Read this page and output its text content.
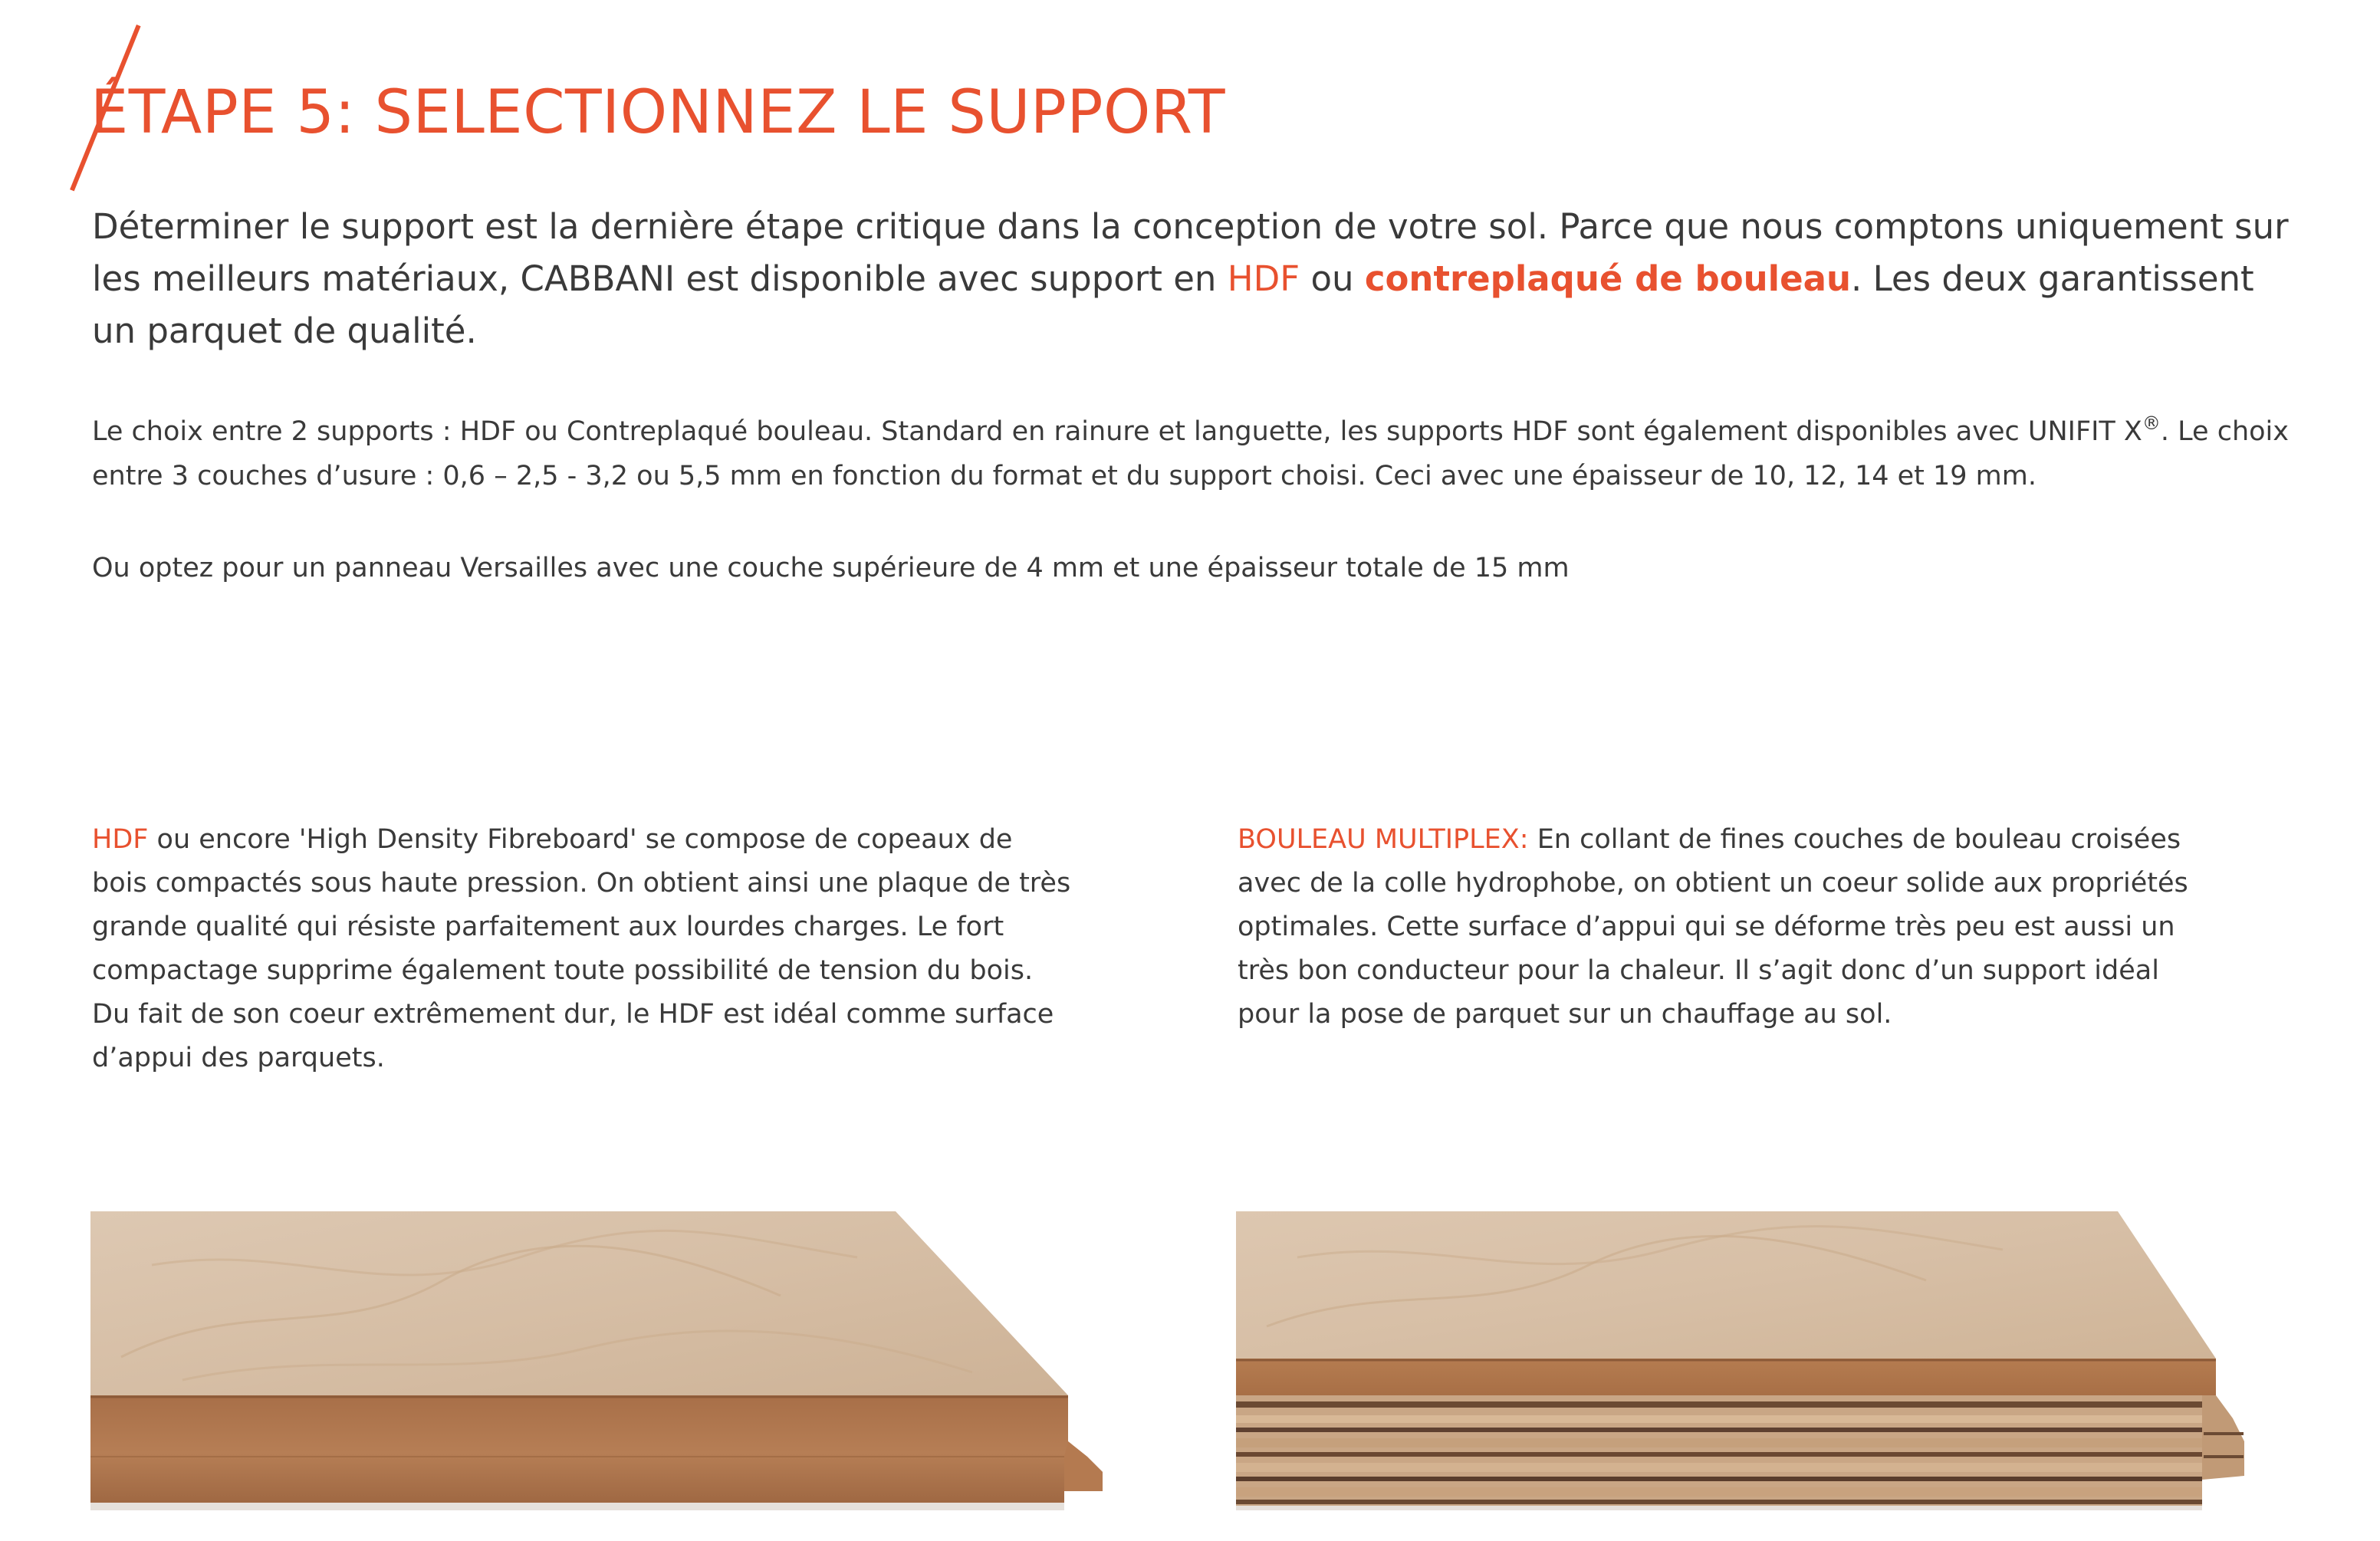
ÉTAPE 5: SELECTIONNEZ LE SUPPORT

Déterminer le support est la dernière étape critique dans la conception de votre sol. Parce que nous comptons uniquement sur les meilleurs matériaux, CABBANI est disponible avec support en HDF ou contreplaqué de bouleau. Les deux garantissent un parquet de qualité.

Le choix entre 2 supports : HDF ou Contreplaqué bouleau. Standard en rainure et languette, les supports HDF sont également disponibles avec UNIFIT X®. Le choix entre 3 couches d’usure : 0,6 – 2,5 - 3,2 ou 5,5 mm en fonction du format et du support choisi. Ceci avec une épaisseur de 10, 12, 14 et 19 mm.

Ou optez pour un panneau Versailles avec une couche supérieure de 4 mm et une épaisseur totale de 15 mm

HDF ou encore 'High Density Fibreboard' se compose de copeaux de bois compactés sous haute pression. On obtient ainsi une plaque de très grande qualité qui résiste parfaitement aux lourdes charges. Le fort compactage supprime également toute possibilité de tension du bois. Du fait de son coeur extrêmement dur, le HDF est idéal comme surface d’appui des parquets.

BOULEAU MULTIPLEX: En collant de fines couches de bouleau croisées avec de la colle hydrophobe, on obtient un coeur solide aux propriétés optimales. Cette surface d’appui qui se déforme très peu est aussi un très bon conducteur pour la chaleur. Il s’agit donc d’un support idéal pour la pose de parquet sur un chauffage au sol.
